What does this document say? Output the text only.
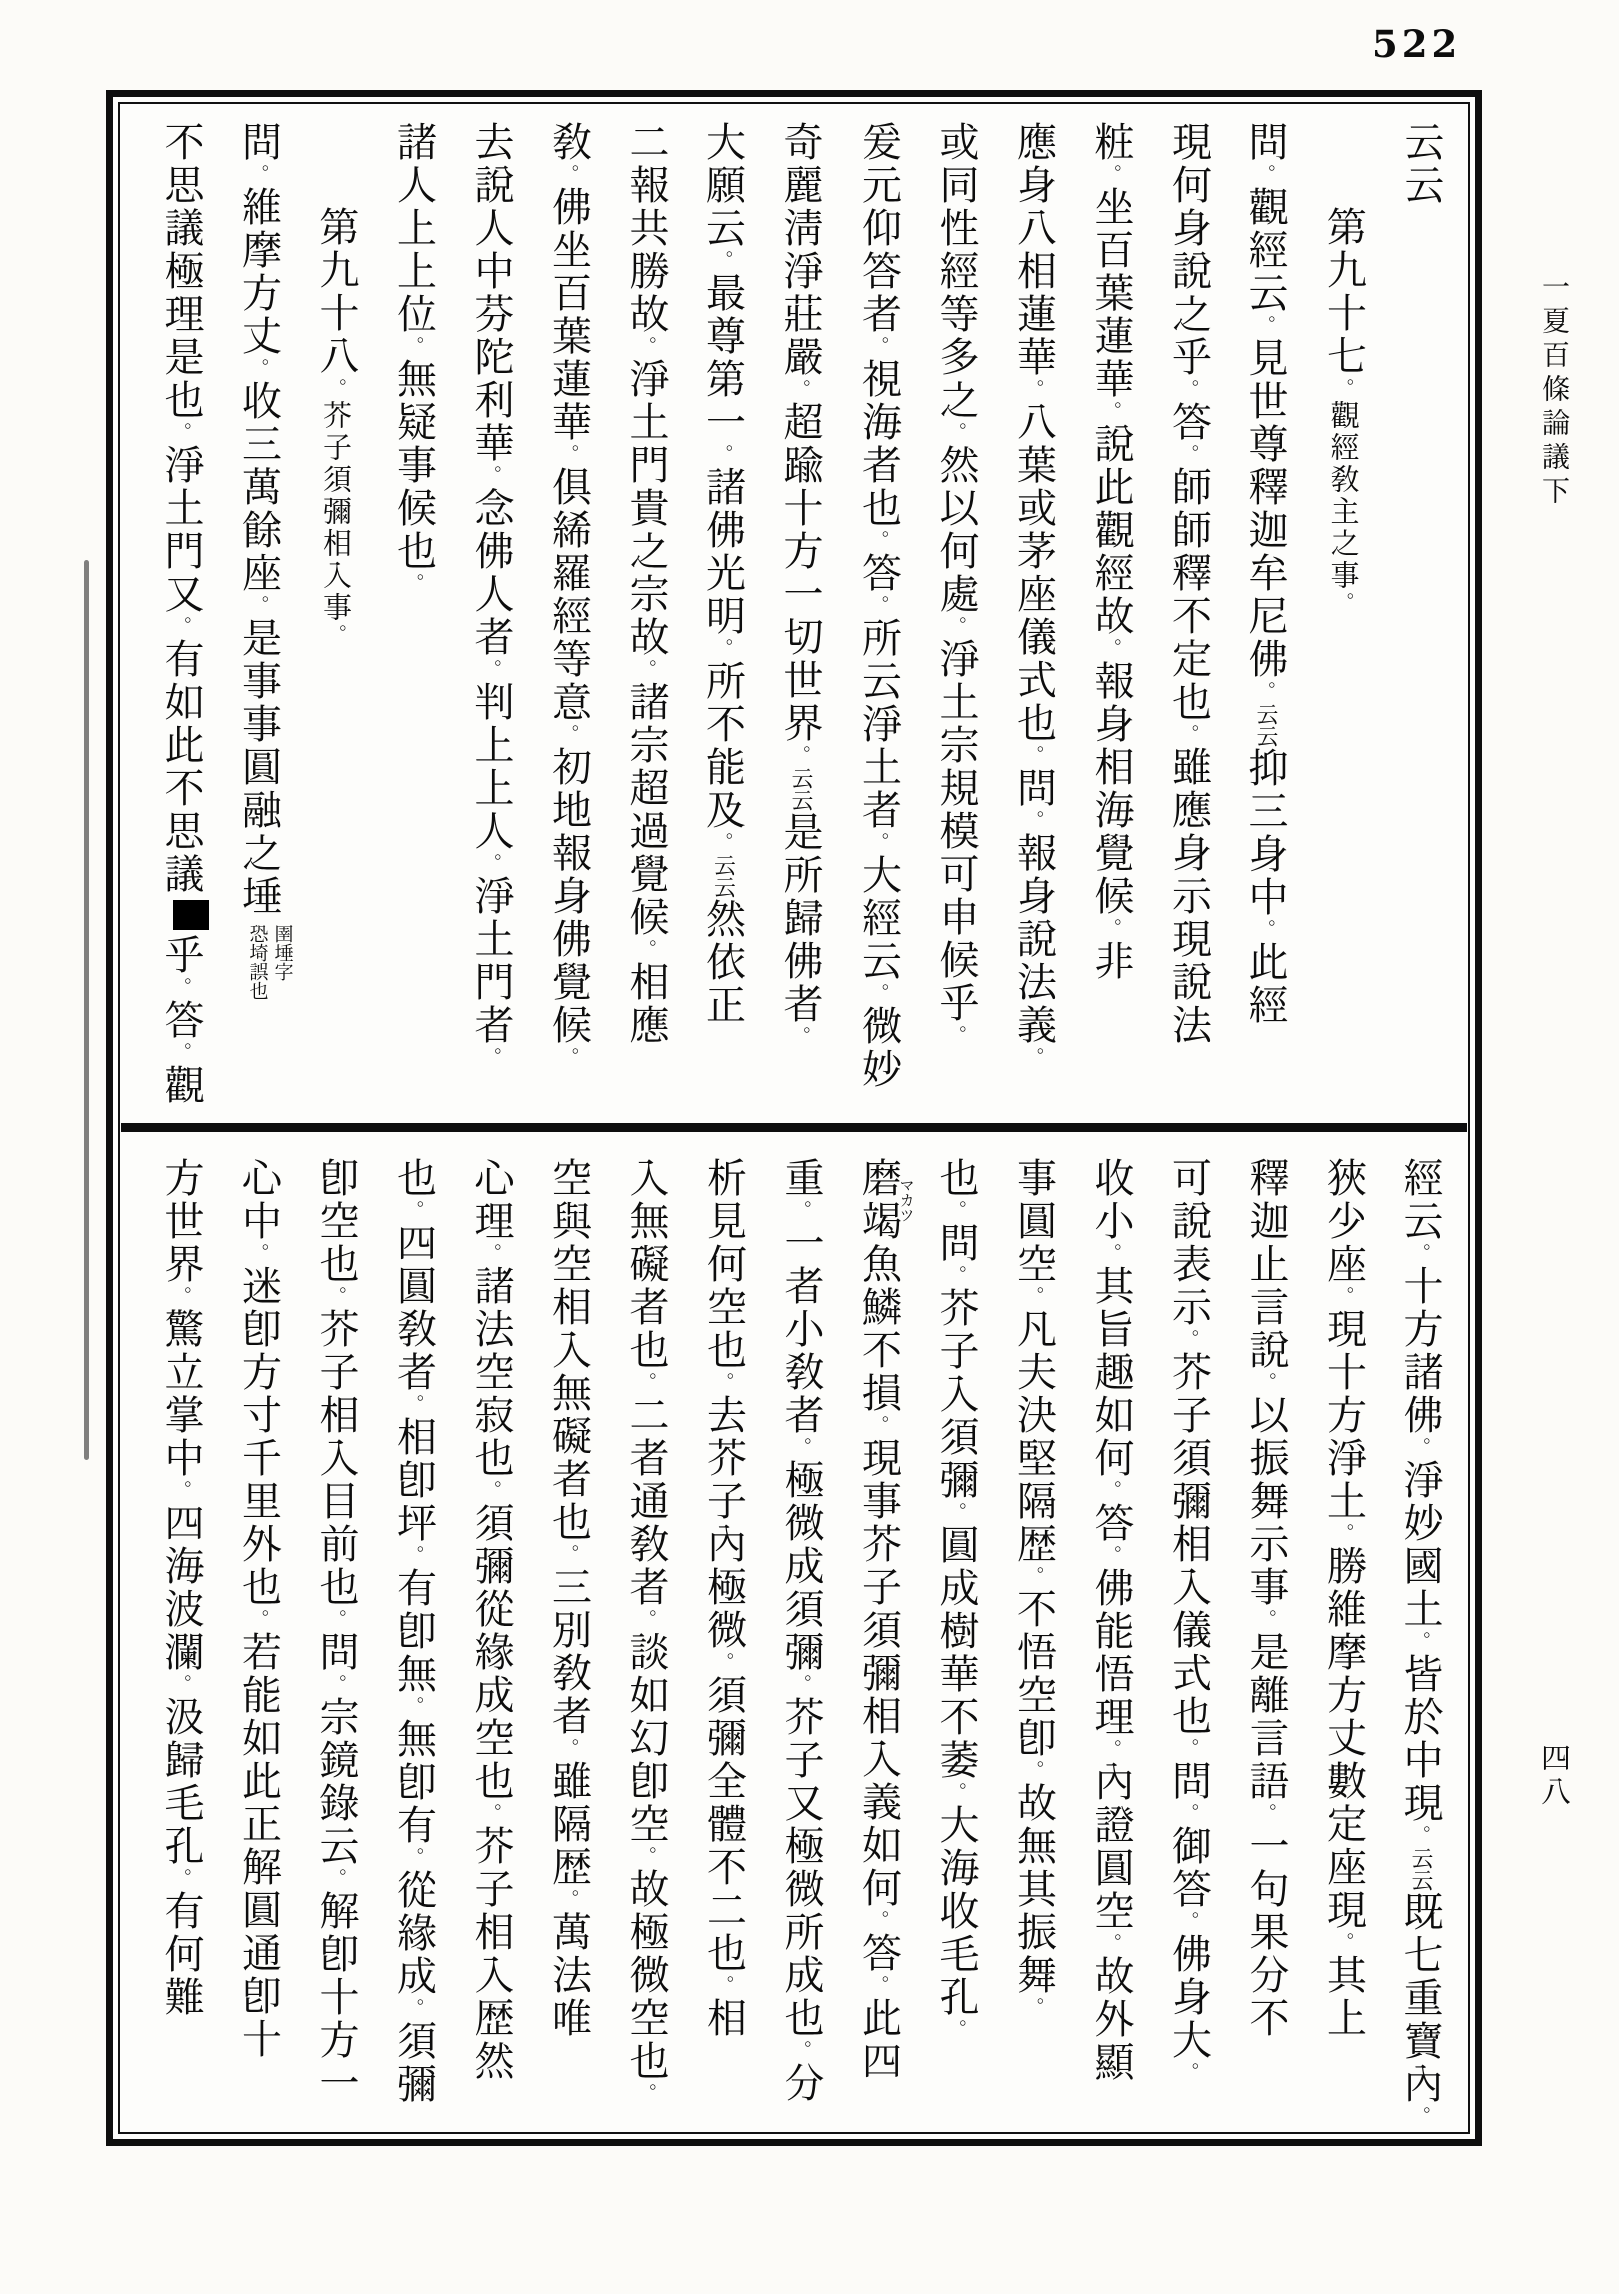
522
云云
第九十七。觀經敎主之事。
問。觀經云。見世尊釋迦牟尼佛。云云抑三身中。此經
現何身說之乎。答。師師釋不定也。雖應身示現說法
粧。坐百葉蓮華。說此觀經故。報身相海覺候。非
應身八相蓮華。八葉或茅座儀式也。問。報身說法義。
或同性經等多之。然以何處。淨土宗規模可申候乎。
爰元仰答者。視海者也。答。所云淨土者。大經云。微妙
奇麗淸淨莊嚴。超踰十方一切世界。云云是所歸佛者。
大願云。最尊第一。諸佛光明。所不能及。云云然依正
二報共勝故。淨土門貴之宗故。諸宗超過覺候。相應
敎。佛坐百葉蓮華。俱絺羅經等意。初地報身佛覺候。
去說人中芬陀利華。念佛人者。判上上人。淨土門者。
諸人上上位。無疑事候也。
第九十八。芥子須彌相入事。
問。維摩方丈。收三萬餘座。是事事圓融之埵
圉埵字
恐埼誤也
不思議極理是也。淨土門又。有如此不思議乎。答。觀
經云。十方諸佛。淨妙國土。皆於中現。云云既七重寶內。
狹少座。現十方淨土。勝維摩方丈數定座現。其上
釋迦止言說。以振舞示事。是離言語。一句果分不
可說表示。芥子須彌相入儀式也。問。御答。佛身大。
收小。其旨趣如何。答。佛能悟理。內證圓空。故外顯
事圓空。凡夫決堅隔歴。不悟空卽。故無其振舞。
也。問。芥子入須彌。圓成樹華不萎。大海收毛孔。
磨竭マカツ魚鱗不損。現事芥子須彌相入義如何。答。此四
重。一者小敎者。極微成須彌。芥子又極微所成也。分
析見何空也。去芥子內極微。須彌全體不二也。相
入無礙者也。二者通敎者。談如幻卽空。故極微空也。
空與空相入無礙者也。三別敎者。雖隔歴。萬法唯
心理。諸法空寂也。須彌從緣成空也。芥子相入歴然
也。四圓敎者。相卽坪。有卽無。無卽有。從緣成。須彌
卽空也。芥子相入目前也。問。宗鏡錄云。解卽十方一
心中。迷卽方寸千里外也。若能如此正解圓通卽十
方世界。驚立掌中。四海波瀾。汲歸毛孔。有何難
一夏百條論議下
四八
